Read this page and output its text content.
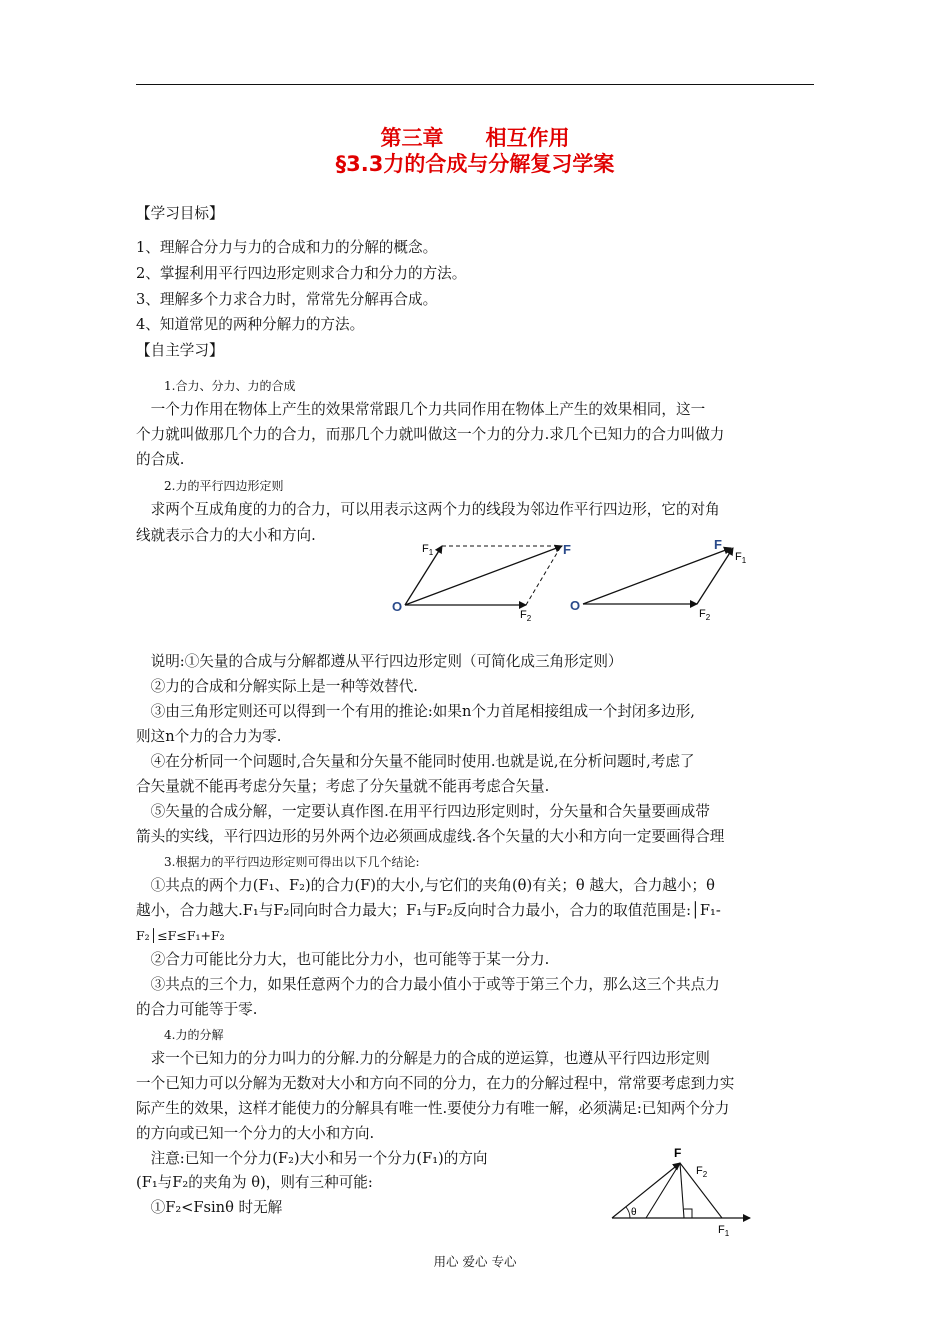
第三章　　相互作用
§3.3力的合成与分解复习学案
【学习目标】
1、理解合分力与力的合成和力的分解的概念。
2、掌握利用平行四边形定则求合力和分力的方法。
3、理解多个力求合力时，常常先分解再合成。
4、知道常见的两种分解力的方法。
【自主学习】
1.合力、分力、力的合成
　一个力作用在物体上产生的效果常常跟几个力共同作用在物体上产生的效果相同，这一
个力就叫做那几个力的合力，而那几个力就叫做这一个力的分力.求几个已知力的合力叫做力
的合成.
2.力的平行四边形定则
　求两个互成角度的力的合力，可以用表示这两个力的线段为邻边作平行四边形，它的对角
线就表示合力的大小和方向.
O
$F_1$	F
$F_2$
O
F
$F_1$
$F_2$
　说明:①矢量的合成与分解都遵从平行四边形定则（可简化成三角形定则）
　②力的合成和分解实际上是一种等效替代.
　③由三角形定则还可以得到一个有用的推论:如果n个力首尾相接组成一个封闭多边形,
则这n个力的合力为零.
　④在分析同一个问题时,合矢量和分矢量不能同时使用.也就是说,在分析问题时,考虑了
合矢量就不能再考虑分矢量；考虑了分矢量就不能再考虑合矢量.
　⑤矢量的合成分解，一定要认真作图.在用平行四边形定则时，分矢量和合矢量要画成带
箭头的实线，平行四边形的另外两个边必须画成虚线.各个矢量的大小和方向一定要画得合理
3.根据力的平行四边形定则可得出以下几个结论:
　①共点的两个力(F₁、F₂)的合力(F)的大小,与它们的夹角(θ)有关；θ 越大，合力越小；θ
越小，合力越大.F₁与F₂同向时合力最大；F₁与F₂反向时合力最小，合力的取值范围是:│F₁-
F₂│≤F≤F₁+F₂
　②合力可能比分力大，也可能比分力小，也可能等于某一分力.
　③共点的三个力，如果任意两个力的合力最小值小于或等于第三个力，那么这三个共点力
的合力可能等于零.
4.力的分解
　求一个已知力的分力叫力的分解.力的分解是力的合成的逆运算，也遵从平行四边形定则
一个已知力可以分解为无数对大小和方向不同的分力，在力的分解过程中，常常要考虑到力实
际产生的效果，这样才能使力的分解具有唯一性.要使分力有唯一解，必须满足:已知两个分力
的方向或已知一个分力的大小和方向.
　注意:已知一个分力(F₂)大小和另一个分力(F₁)的方向
(F₁与F₂的夹角为 θ)，则有三种可能:
　①F₂<Fsinθ 时无解	θ
F
$F_2$
$F_1$
用心 爱心 专心
